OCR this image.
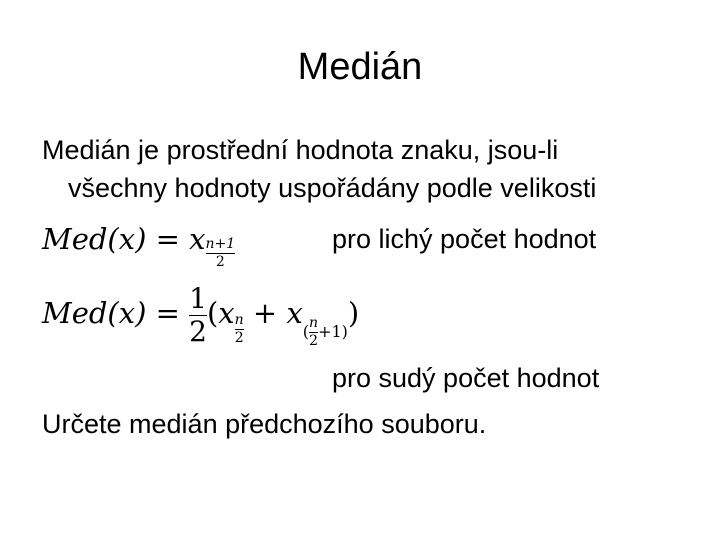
Medián
Medián je prostřední hodnota znaku, jsou-li
všechny hodnoty uspořádány podle velikosti
Med(x) = x $\frac{n+1}{2}$	pro lichý počet hodnot
$Med(x) = \frac{1}{2} (x \frac{n}{2} + x_{( \frac{n}{2} +1)})$
pro sudý počet hodnot
Určete medián předchozího souboru.
